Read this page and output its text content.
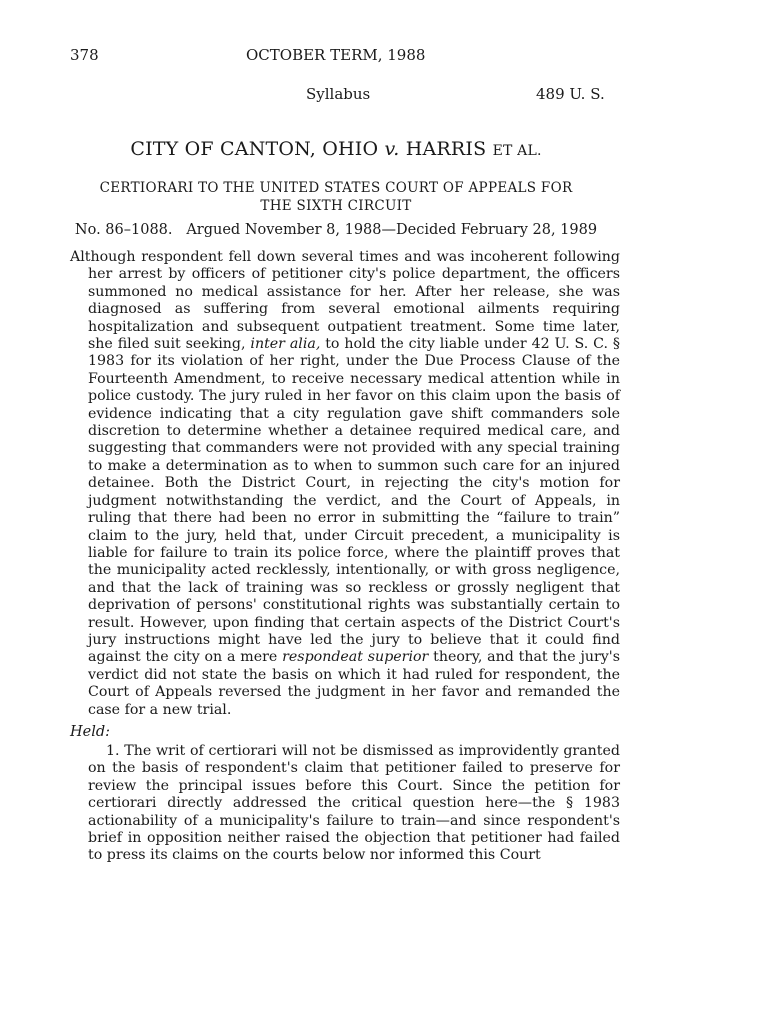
378	OCTOBER TERM, 1988
Syllabus	489 U. S.
CITY OF CANTON, OHIO v. HARRIS ET AL.
CERTIORARI TO THE UNITED STATES COURT OF APPEALS FOR
THE SIXTH CIRCUIT
No. 86–1088.   Argued November 8, 1988—Decided February 28, 1989

Although respondent fell down several times and was incoherent following her arrest by officers of petitioner city's police department, the officers summoned no medical assistance for her. After her release, she was diagnosed as suffering from several emotional ailments requiring hospitalization and subsequent outpatient treatment. Some time later, she filed suit seeking, inter alia, to hold the city liable under 42 U. S. C. § 1983 for its violation of her right, under the Due Process Clause of the Fourteenth Amendment, to receive necessary medical attention while in police custody. The jury ruled in her favor on this claim upon the basis of evidence indicating that a city regulation gave shift commanders sole discretion to determine whether a detainee required medical care, and suggesting that commanders were not provided with any special training to make a determination as to when to summon such care for an injured detainee. Both the District Court, in rejecting the city's motion for judgment notwithstanding the verdict, and the Court of Appeals, in ruling that there had been no error in submitting the “failure to train” claim to the jury, held that, under Circuit precedent, a municipality is liable for failure to train its police force, where the plaintiff proves that the municipality acted recklessly, intentionally, or with gross negligence, and that the lack of training was so reckless or grossly negligent that deprivation of persons' constitutional rights was substantially certain to result. However, upon finding that certain aspects of the District Court's jury instructions might have led the jury to believe that it could find against the city on a mere respondeat superior theory, and that the jury's verdict did not state the basis on which it had ruled for respondent, the Court of Appeals reversed the judgment in her favor and remanded the case for a new trial.

Held:

1. The writ of certiorari will not be dismissed as improvidently granted on the basis of respondent's claim that petitioner failed to preserve for review the principal issues before this Court. Since the petition for certiorari directly addressed the critical question here—the § 1983 actionability of a municipality's failure to train—and since respondent's brief in opposition neither raised the objection that petitioner had failed to press its claims on the courts below nor informed this Court
